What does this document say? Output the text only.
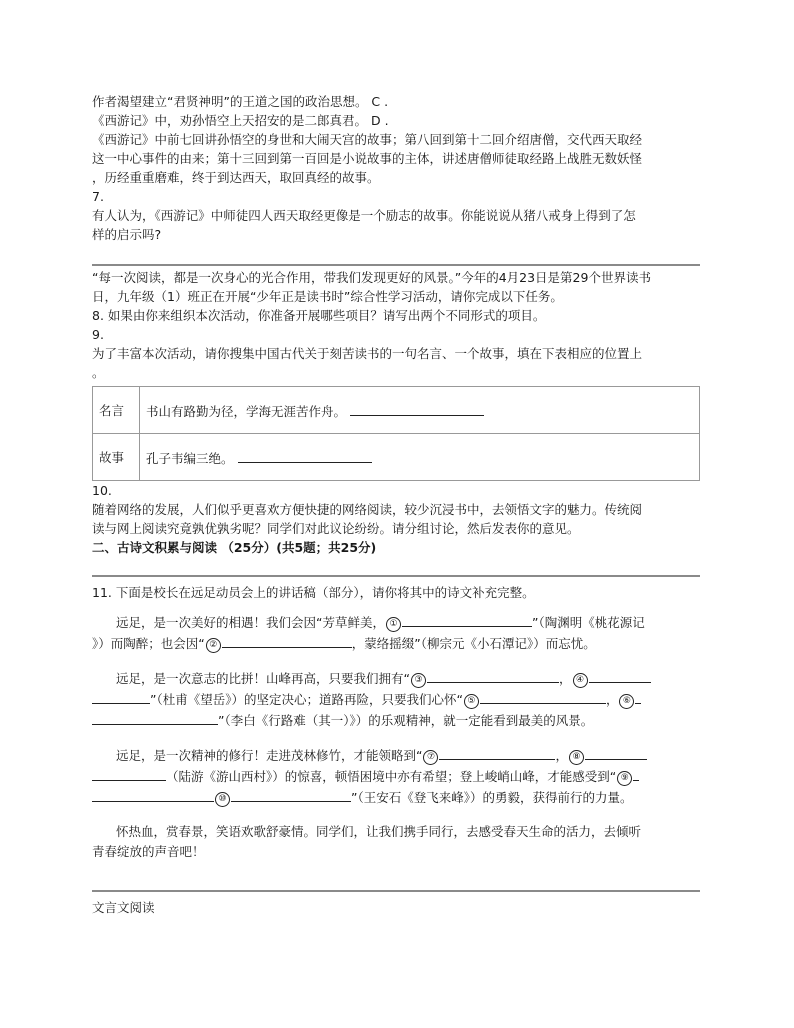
作者渴望建立“君贤神明”的王道之国的政治思想。 C .

《西游记》中，劝孙悟空上天招安的是二郎真君。 D .

《西游记》中前七回讲孙悟空的身世和大闹天宫的故事；第八回到第十二回介绍唐僧，交代西天取经

这一中心事件的由来；第十三回到第一百回是小说故事的主体，讲述唐僧师徒取经路上战胜无数妖怪

，历经重重磨难，终于到达西天，取回真经的故事。

7.

有人认为，《西游记》中师徒四人西天取经更像是一个励志的故事。你能说说从猪八戒身上得到了怎

样的启示吗?

“每一次阅读，都是一次身心的光合作用，带我们发现更好的风景。”今年的4月23日是第29个世界读书

日，九年级（1）班正在开展“少年正是读书时”综合性学习活动，请你完成以下任务。

8. 如果由你来组织本次活动，你准备开展哪些项目？请写出两个不同形式的项目。

9.

为了丰富本次活动，请你搜集中国古代关于刻苦读书的一句名言、一个故事，填在下表相应的位置上

。

名言	书山有路勤为径，学海无涯苦作舟。
故事	孔子韦编三绝。

10.

随着网络的发展，人们似乎更喜欢方便快捷的网络阅读，较少沉浸书中，去领悟文字的魅力。传统阅

读与网上阅读究竟孰优孰劣呢？同学们对此议论纷纷。请分组讨论，然后发表你的意见。

二、古诗文积累与阅读 （25分）(共5题；共25分)

11. 下面是校长在远足动员会上的讲话稿（部分），请你将其中的诗文补充完整。

远足，是一次美好的相遇！我们会因“芳草鲜美， ①	”（陶渊明《桃花源记
》）而陶醉；也会因“ ②	，蒙络摇缀”（柳宗元《小石潭记》）而忘忧。

远足，是一次意志的比拼！山峰再高，只要我们拥有“ ③	， ④
”（杜甫《望岳》）的坚定决心；道路再险，只要我们心怀“ ⑤	， ⑥
”（李白《行路难（其一）》）的乐观精神，就一定能看到最美的风景。

远足，是一次精神的修行！走进茂林修竹，才能领略到“ ⑦	， ⑧
（陆游《游山西村》）的惊喜，顿悟困境中亦有希望；登上峻峭山峰，才能感受到“ ⑨
⑩	”（王安石《登飞来峰》）的勇毅，获得前行的力量。

怀热血，赏春景，笑语欢歌舒豪情。同学们，让我们携手同行，去感受春天生命的活力，去倾听
青春绽放的声音吧！

文言文阅读
